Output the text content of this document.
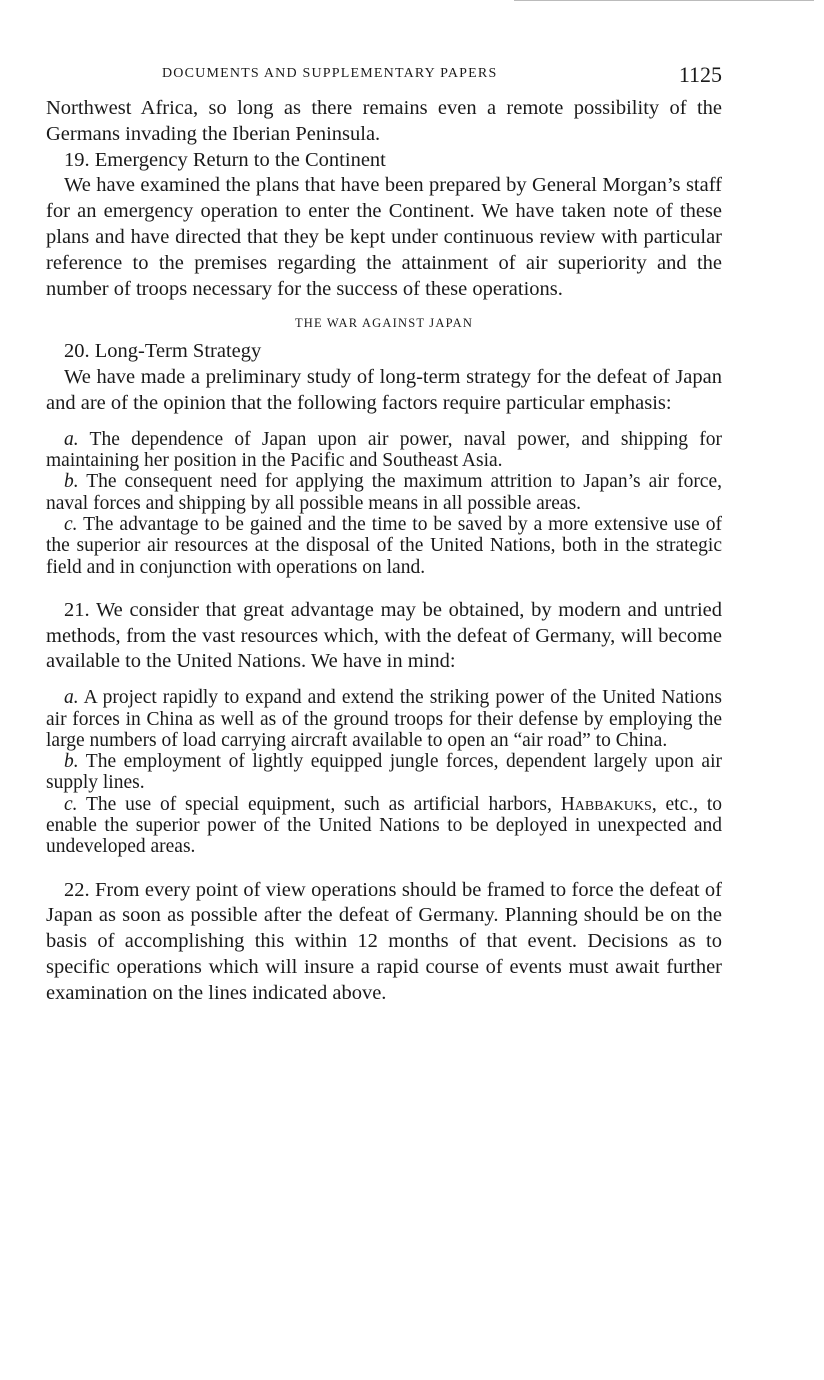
DOCUMENTS AND SUPPLEMENTARY PAPERS	1125

Northwest Africa, so long as there remains even a remote possibility of the Germans invading the Iberian Peninsula.

19. Emergency Return to the Continent

We have examined the plans that have been prepared by General Morgan’s staff for an emergency operation to enter the Continent. We have taken note of these plans and have directed that they be kept under continuous review with particular reference to the premises regarding the attainment of air superiority and the number of troops necessary for the success of these operations.

THE WAR AGAINST JAPAN

20. Long-Term Strategy

We have made a preliminary study of long-term strategy for the defeat of Japan and are of the opinion that the following factors require particular emphasis:

a. The dependence of Japan upon air power, naval power, and shipping for maintaining her position in the Pacific and Southeast Asia.

b. The consequent need for applying the maximum attrition to Japan’s air force, naval forces and shipping by all possible means in all possible areas.

c. The advantage to be gained and the time to be saved by a more extensive use of the superior air resources at the disposal of the United Nations, both in the strategic field and in conjunction with operations on land.

21. We consider that great advantage may be obtained, by modern and untried methods, from the vast resources which, with the defeat of Germany, will become available to the United Nations. We have in mind:

a. A project rapidly to expand and extend the striking power of the United Nations air forces in China as well as of the ground troops for their defense by employing the large numbers of load carrying aircraft available to open an “air road” to China.

b. The employment of lightly equipped jungle forces, dependent largely upon air supply lines.

c. The use of special equipment, such as artificial harbors, Habbakuks, etc., to enable the superior power of the United Nations to be deployed in unexpected and undeveloped areas.

22. From every point of view operations should be framed to force the defeat of Japan as soon as possible after the defeat of Germany. Planning should be on the basis of accomplishing this within 12 months of that event. Decisions as to specific operations which will insure a rapid course of events must await further examination on the lines indicated above.
